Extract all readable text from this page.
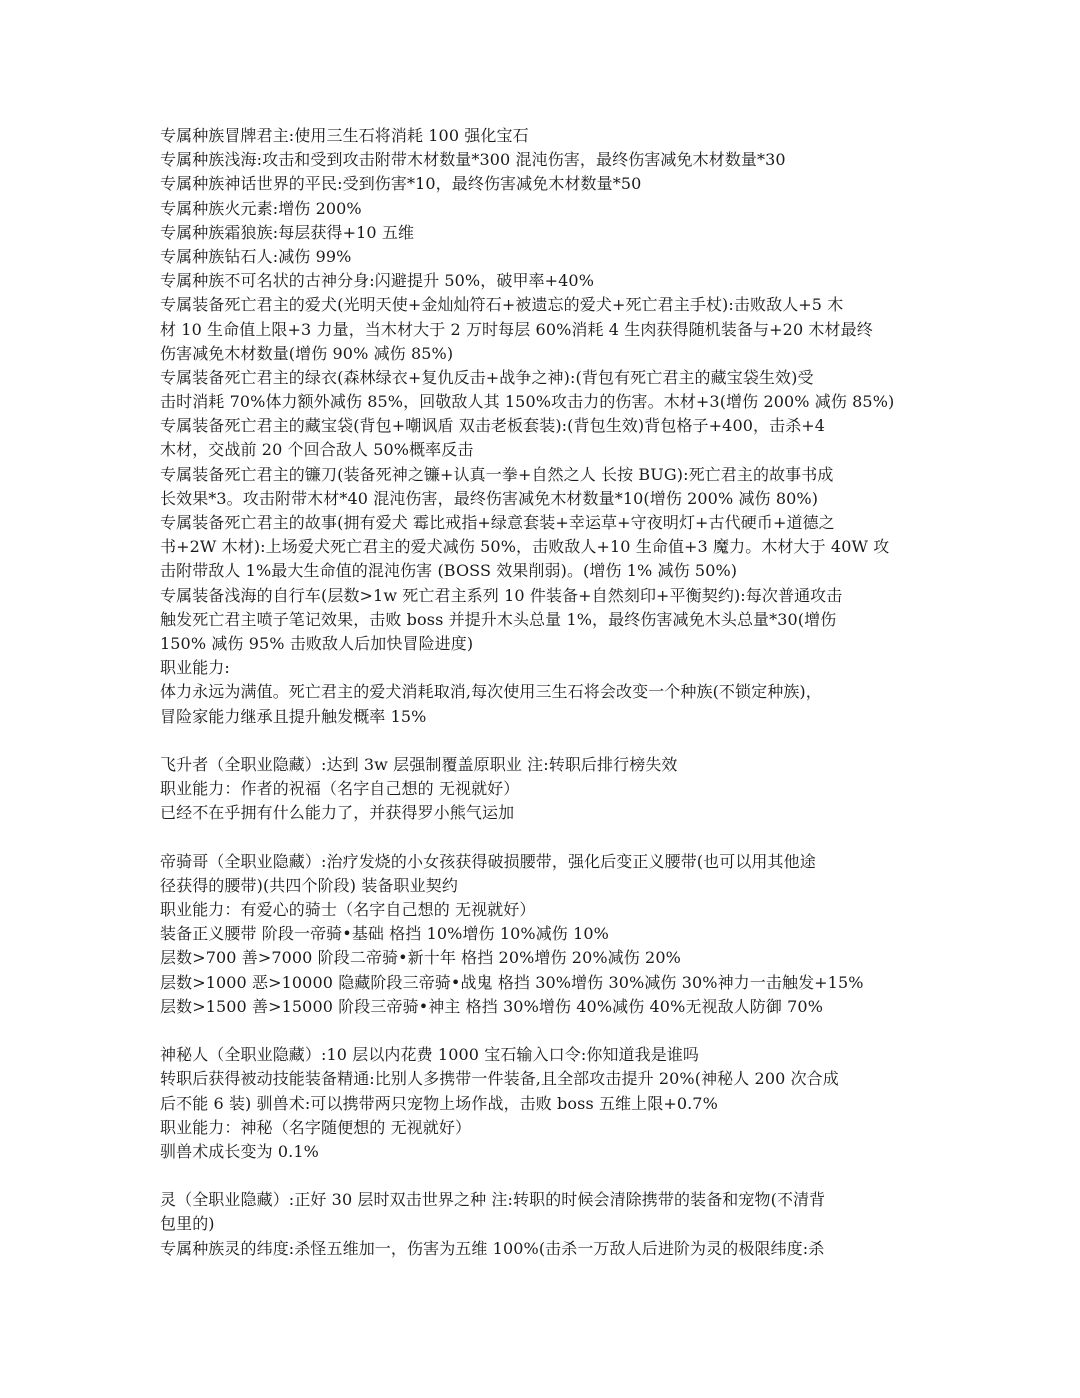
专属种族冒牌君主:使用三生石将消耗 100 强化宝石
专属种族浅海:攻击和受到攻击附带木材数量*300 混沌伤害，最终伤害减免木材数量*30
专属种族神话世界的平民:受到伤害*10，最终伤害减免木材数量*50
专属种族火元素:增伤 200%
专属种族霜狼族:每层获得+10 五维
专属种族钻石人:减伤 99%
专属种族不可名状的古神分身:闪避提升 50%，破甲率+40%
专属装备死亡君主的爱犬(光明天使+金灿灿符石+被遗忘的爱犬+死亡君主手杖):击败敌人+5 木
材 10 生命值上限+3 力量，当木材大于 2 万时每层 60%消耗 4 生肉获得随机装备与+20 木材最终
伤害减免木材数量(增伤 90% 减伤 85%)
专属装备死亡君主的绿衣(森林绿衣+复仇反击+战争之神):(背包有死亡君主的藏宝袋生效)受
击时消耗 70%体力额外减伤 85%，回敬敌人其 150%攻击力的伤害。木材+3(增伤 200% 减伤 85%)
专属装备死亡君主的藏宝袋(背包+嘲讽盾 双击老板套装):(背包生效)背包格子+400，击杀+4
木材，交战前 20 个回合敌人 50%概率反击
专属装备死亡君主的镰刀(装备死神之镰+认真一拳+自然之人 长按 BUG):死亡君主的故事书成
长效果*3。攻击附带木材*40 混沌伤害，最终伤害减免木材数量*10(增伤 200% 减伤 80%)
专属装备死亡君主的故事(拥有爱犬 霉比戒指+绿意套装+幸运草+守夜明灯+古代硬币+道德之
书+2W 木材):上场爱犬死亡君主的爱犬减伤 50%，击败敌人+10 生命值+3 魔力。木材大于 40W 攻
击附带敌人 1%最大生命值的混沌伤害 (BOSS 效果削弱)。(增伤 1% 减伤 50%)
专属装备浅海的自行车(层数>1w 死亡君主系列 10 件装备+自然刻印+平衡契约):每次普通攻击
触发死亡君主喷子笔记效果，击败 boss 并提升木头总量 1%，最终伤害减免木头总量*30(增伤
150% 减伤 95% 击败敌人后加快冒险进度)
职业能力:
体力永远为满值。死亡君主的爱犬消耗取消,每次使用三生石将会改变一个种族(不锁定种族)，
冒险家能力继承且提升触发概率 15%
飞升者（全职业隐藏）:达到 3w 层强制覆盖原职业 注:转职后排行榜失效
职业能力：作者的祝福（名字自己想的 无视就好）
已经不在乎拥有什么能力了，并获得罗小熊气运加
帝骑哥（全职业隐藏）:治疗发烧的小女孩获得破损腰带，强化后变正义腰带(也可以用其他途
径获得的腰带)(共四个阶段) 装备职业契约
职业能力：有爱心的骑士（名字自己想的 无视就好）
装备正义腰带 阶段一帝骑•基础 格挡 10%增伤 10%减伤 10%
层数>700 善>7000 阶段二帝骑•新十年 格挡 20%增伤 20%减伤 20%
层数>1000 恶>10000 隐藏阶段三帝骑•战鬼 格挡 30%增伤 30%减伤 30%神力一击触发+15%
层数>1500 善>15000 阶段三帝骑•神主 格挡 30%增伤 40%减伤 40%无视敌人防御 70%
神秘人（全职业隐藏）:10 层以内花费 1000 宝石输入口令:你知道我是谁吗
转职后获得被动技能装备精通:比别人多携带一件装备,且全部攻击提升 20%(神秘人 200 次合成
后不能 6 装) 驯兽术:可以携带两只宠物上场作战，击败 boss 五维上限+0.7%
职业能力：神秘（名字随便想的 无视就好）
驯兽术成长变为 0.1%
灵（全职业隐藏）:正好 30 层时双击世界之种 注:转职的时候会清除携带的装备和宠物(不清背
包里的)
专属种族灵的纬度:杀怪五维加一，伤害为五维 100%(击杀一万敌人后进阶为灵的极限纬度:杀
